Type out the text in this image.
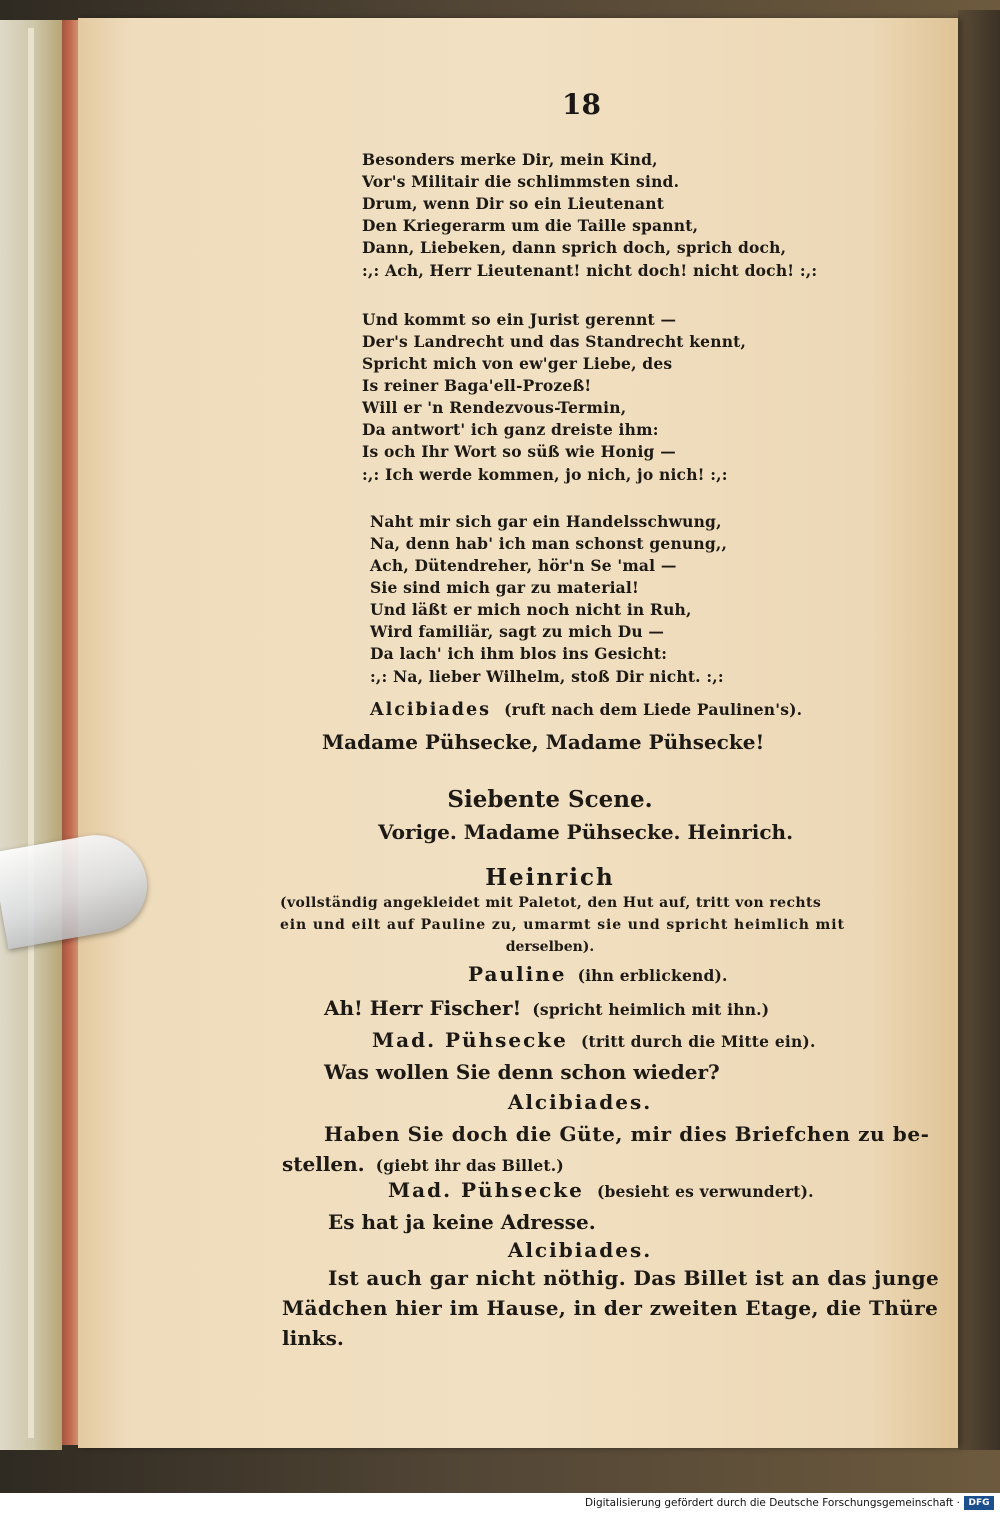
18
Besonders merke Dir, mein Kind,
Vor's Militair die schlimmsten sind.
Drum, wenn Dir so ein Lieutenant
Den Kriegerarm um die Taille spannt,
Dann, Liebeken, dann sprich doch, sprich doch,
:,: Ach, Herr Lieutenant! nicht doch! nicht doch! :,:
Und kommt so ein Jurist gerennt —
Der's Landrecht und das Standrecht kennt,
Spricht mich von ew'ger Liebe, des
Is reiner Baga'ell-Prozeß!
Will er 'n Rendezvous-Termin,
Da antwort' ich ganz dreiste ihm:
Is och Ihr Wort so süß wie Honig —
:,: Ich werde kommen, jo nich, jo nich! :,:
Naht mir sich gar ein Handelsschwung,
Na, denn hab' ich man schonst genung,,
Ach, Dütendreher, hör'n Se 'mal —
Sie sind mich gar zu material!
Und läßt er mich noch nicht in Ruh,
Wird familiär, sagt zu mich Du —
Da lach' ich ihm blos ins Gesicht:
:,: Na, lieber Wilhelm, stoß Dir nicht. :,:
Alcibiades (ruft nach dem Liede Paulinen's).
Madame Pühsecke, Madame Pühsecke!
Siebente Scene.
Vorige. Madame Pühsecke. Heinrich.
Heinrich
(vollständig angekleidet mit Paletot, den Hut auf, tritt von rechts
ein und eilt auf Pauline zu, umarmt sie und spricht heimlich mit
derselben).
Pauline (ihn erblickend).
Ah! Herr Fischer! (spricht heimlich mit ihn.)
Mad. Pühsecke (tritt durch die Mitte ein).
Was wollen Sie denn schon wieder?
Alcibiades.
Haben Sie doch die Güte, mir dies Briefchen zu be-
stellen. (giebt ihr das Billet.)
Mad. Pühsecke (besieht es verwundert).
Es hat ja keine Adresse.
Alcibiades.
Ist auch gar nicht nöthig. Das Billet ist an das junge
Mädchen hier im Hause, in der zweiten Etage, die Thüre
links.
Digitalisierung gefördert durch die Deutsche Forschungsgemeinschaft · DFG
